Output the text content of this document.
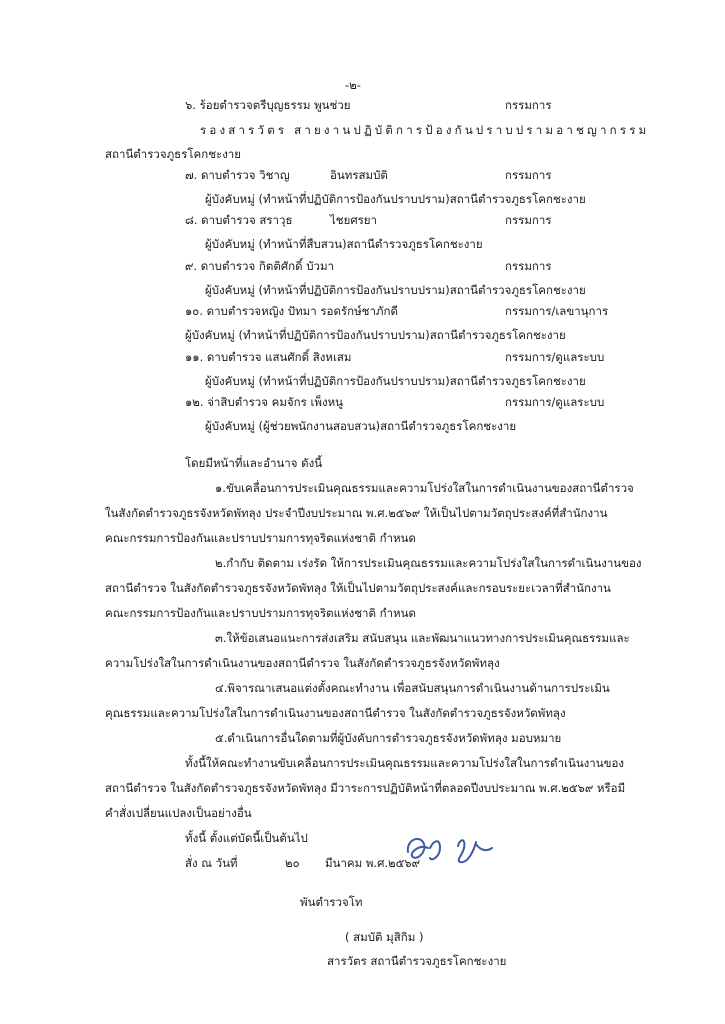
-๒-
๖. ร้อยตำรวจตรีบุญธรรม พูนช่วย	กรรมการ
รองสารวัตร สายงานปฏิบัติการป้องกันปราบปรามอาชญากรรม
สถานีตำรวจภูธรโคกชะงาย
๗. ดาบตำรวจ วิชาญ	อินทรสมบัติ	กรรมการ
ผู้บังคับหมู่ (ทำหน้าที่ปฏิบัติการป้องกันปราบปราม)สถานีตำรวจภูธรโคกชะงาย
๘. ดาบตำรวจ สราวุธ	ไชยศรยา	กรรมการ
ผู้บังคับหมู่ (ทำหน้าที่สืบสวน)สถานีตำรวจภูธรโคกชะงาย
๙. ดาบตำรวจ กิตติศักดิ์ บัวมา	กรรมการ
ผู้บังคับหมู่ (ทำหน้าที่ปฏิบัติการป้องกันปราบปราม)สถานีตำรวจภูธรโคกชะงาย
๑๐. ดาบตำรวจหญิง ปัทมา รอดรักษ์ชาภักดี	กรรมการ/เลขานุการ
ผู้บังคับหมู่ (ทำหน้าที่ปฏิบัติการป้องกันปราบปราม)สถานีตำรวจภูธรโคกชะงาย
๑๑. ดาบตำรวจ แสนศักดิ์ สิงหเสม	กรรมการ/ดูแลระบบ
ผู้บังคับหมู่ (ทำหน้าที่ปฏิบัติการป้องกันปราบปราม)สถานีตำรวจภูธรโคกชะงาย
๑๒. จ่าสิบตำรวจ คมจักร เพ็งหนู	กรรมการ/ดูแลระบบ
ผู้บังคับหมู่ (ผู้ช่วยพนักงานสอบสวน)สถานีตำรวจภูธรโคกชะงาย
โดยมีหน้าที่และอำนาจ ดังนี้
๑.ขับเคลื่อนการประเมินคุณธรรมและความโปร่งใสในการดำเนินงานของสถานีตำรวจ
ในสังกัดตำรวจภูธรจังหวัดพัทลุง ประจำปีงบประมาณ พ.ศ.๒๕๖๙ ให้เป็นไปตามวัตถุประสงค์ที่สำนักงาน
คณะกรรมการป้องกันและปราบปรามการทุจริตแห่งชาติ กำหนด
๒.กำกับ ติดตาม เร่งรัด ให้การประเมินคุณธรรมและความโปร่งใสในการดำเนินงานของ
สถานีตำรวจ ในสังกัดตำรวจภูธรจังหวัดพัทลุง ให้เป็นไปตามวัตถุประสงค์และกรอบระยะเวลาที่สำนักงาน
คณะกรรมการป้องกันและปราบปรามการทุจริตแห่งชาติ กำหนด
๓.ให้ข้อเสนอแนะการส่งเสริม สนับสนุน และพัฒนาแนวทางการประเมินคุณธรรมและ
ความโปร่งใสในการดำเนินงานของสถานีตำรวจ ในสังกัดตำรวจภูธรจังหวัดพัทลุง
๔.พิจารณาเสนอแต่งตั้งคณะทำงาน เพื่อสนับสนุนการดำเนินงานด้านการประเมิน
คุณธรรมและความโปร่งใสในการดำเนินงานของสถานีตำรวจ ในสังกัดตำรวจภูธรจังหวัดพัทลุง
๕.ดำเนินการอื่นใดตามที่ผู้บังคับการตำรวจภูธรจังหวัดพัทลุง มอบหมาย
ทั้งนี้ให้คณะทำงานขับเคลื่อนการประเมินคุณธรรมและความโปร่งใสในการดำเนินงานของ
สถานีตำรวจ ในสังกัดตำรวจภูธรจังหวัดพัทลุง มีวาระการปฏิบัติหน้าที่ตลอดปีงบประมาณ พ.ศ.๒๕๖๙ หรือมี
คำสั่งเปลี่ยนแปลงเป็นอย่างอื่น
ทั้งนี้ ตั้งแต่บัดนี้เป็นต้นไป
สั่ง ณ วันที่	๒๐ มีนาคม พ.ศ.๒๕๖๙
พันตำรวจโท
( สมบัติ มุสิกิม )
สารวัตร สถานีตำรวจภูธรโคกชะงาย
